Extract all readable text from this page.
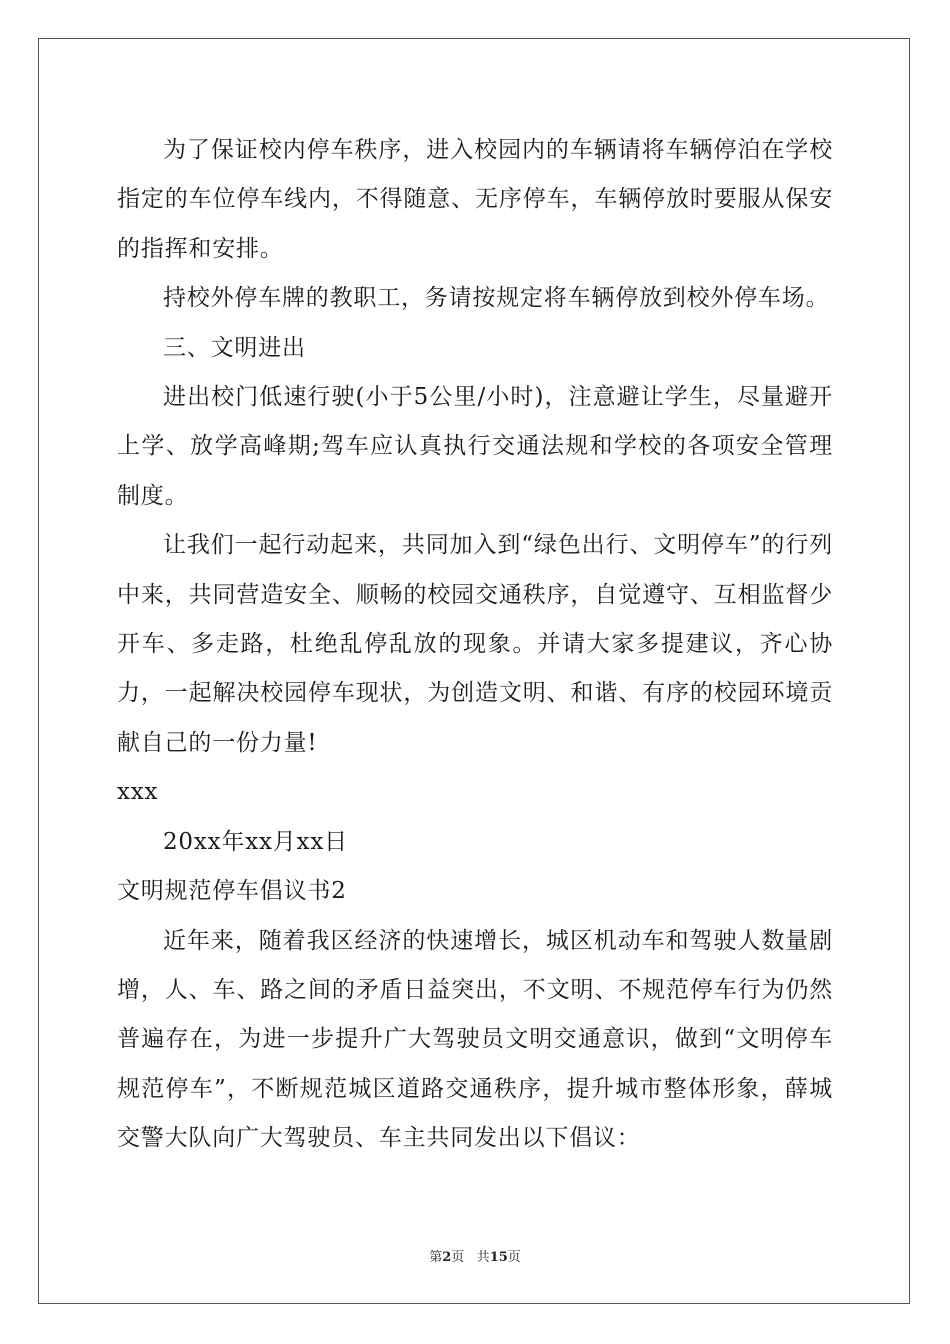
为了保证校内停车秩序，进入校园内的车辆请将车辆停泊在学校指定的车位停车线内，不得随意、无序停车，车辆停放时要服从保安的指挥和安排。

持校外停车牌的教职工，务请按规定将车辆停放到校外停车场。

三、文明进出

进出校门低速行驶(小于5公里/小时)，注意避让学生，尽量避开上学、放学高峰期;驾车应认真执行交通法规和学校的各项安全管理制度。

让我们一起行动起来，共同加入到“绿色出行、文明停车”的行列中来，共同营造安全、顺畅的校园交通秩序，自觉遵守、互相监督少开车、多走路，杜绝乱停乱放的现象。并请大家多提建议，齐心协力，一起解决校园停车现状，为创造文明、和谐、有序的校园环境贡献自己的一份力量!

xxx

20xx年xx月xx日

文明规范停车倡议书2

近年来，随着我区经济的快速增长，城区机动车和驾驶人数量剧增，人、车、路之间的矛盾日益突出，不文明、不规范停车行为仍然普遍存在，为进一步提升广大驾驶员文明交通意识，做到“文明停车规范停车”，不断规范城区道路交通秩序，提升城市整体形象，薛城交警大队向广大驾驶员、车主共同发出以下倡议：

第2页 共15页
